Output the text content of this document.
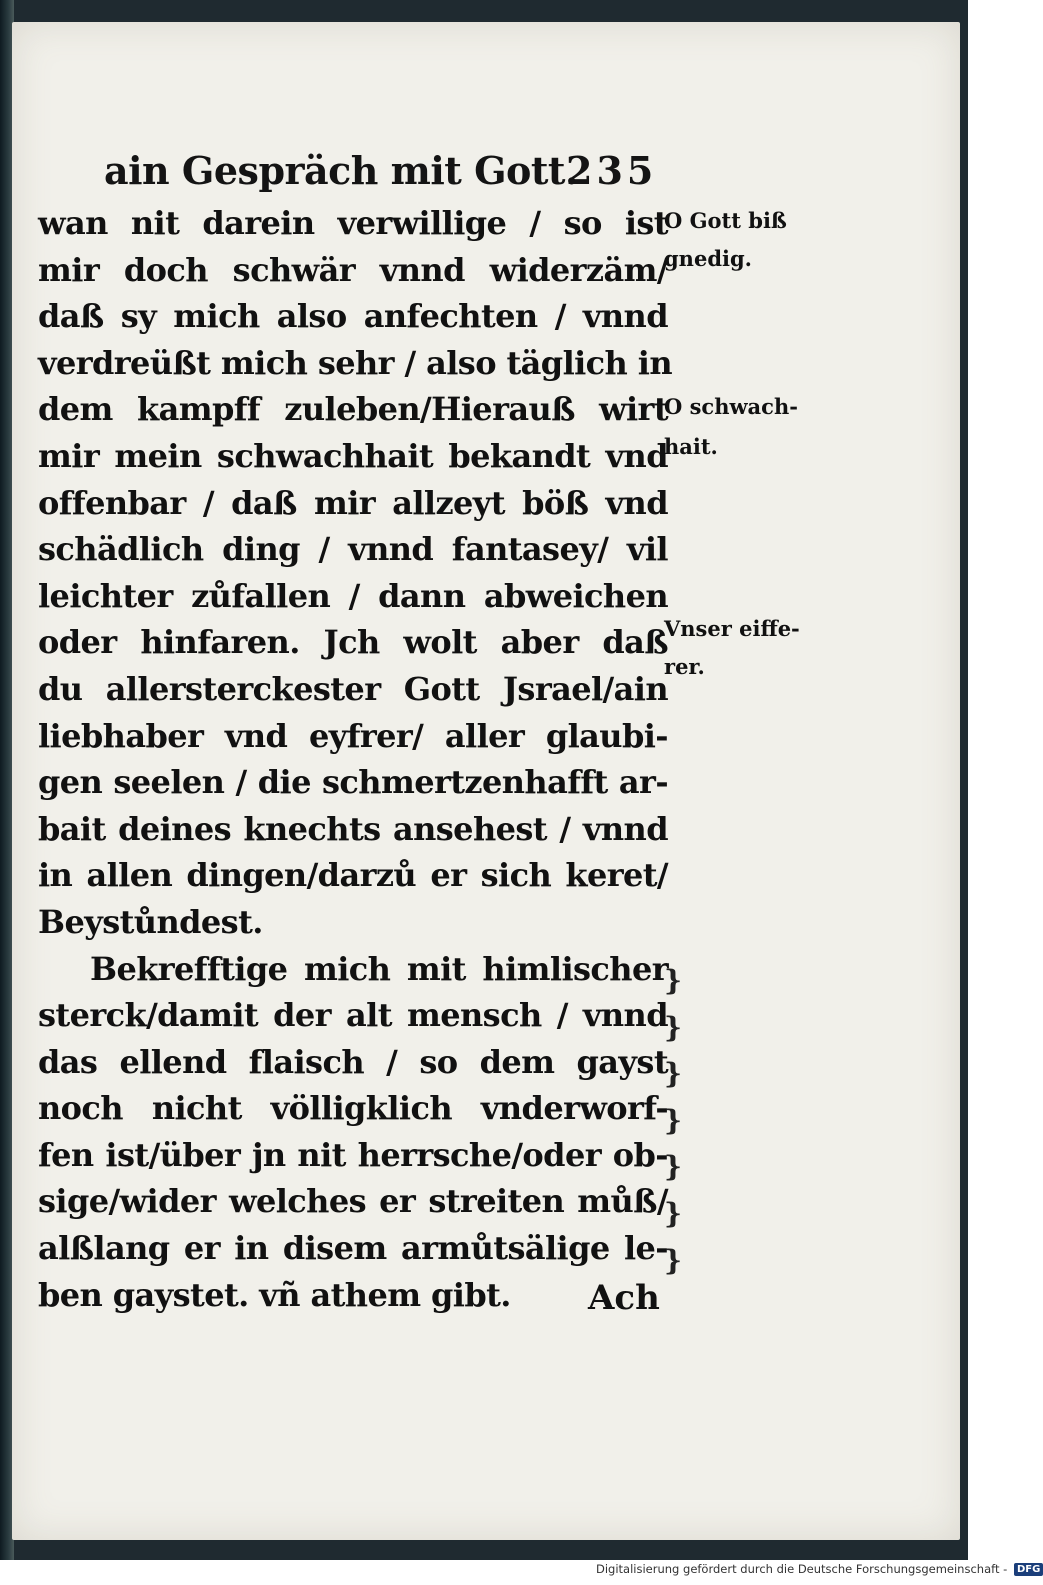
ain Gespräch mit Gott.
235
wan nit darein verwillige / so ist
mir doch schwär vnnd widerzäm/
daß sy mich also anfechten / vnnd
verdreüßt mich sehr / also täglich in
dem kampff zuleben/Hierauß wirt
mir mein schwachhait bekandt vnd
offenbar / daß mir allzeyt böß vnd
schädlich ding / vnnd fantasey/ vil
leichter zůfallen / dann abweichen
oder hinfaren. Jch wolt aber daß
du allersterckester Gott Jsrael/ain
liebhaber vnd eyfrer/ aller glaubi-
gen seelen / die schmertzenhafft ar-
bait deines knechts ansehest / vnnd
in allen dingen/darzů er sich keret/
Beystůndest.
Bekrefftige mich mit himlischer
sterck/damit der alt mensch / vnnd
das ellend flaisch / so dem gayst
noch nicht völligklich vnderworf-
fen ist/über jn nit herrsche/oder ob-
sige/wider welches er streiten můß/
alßlang er in disem armůtsälige le-
ben gaystet. vñ athem gibt.
O Gott biß
gnedig.
O schwach-
hait.
Vnser eiffe-
rer.
}
}
}
}
}
}
}
Ach
Digitalisierung gefördert durch die Deutsche Forschungsgemeinschaft - DFG
